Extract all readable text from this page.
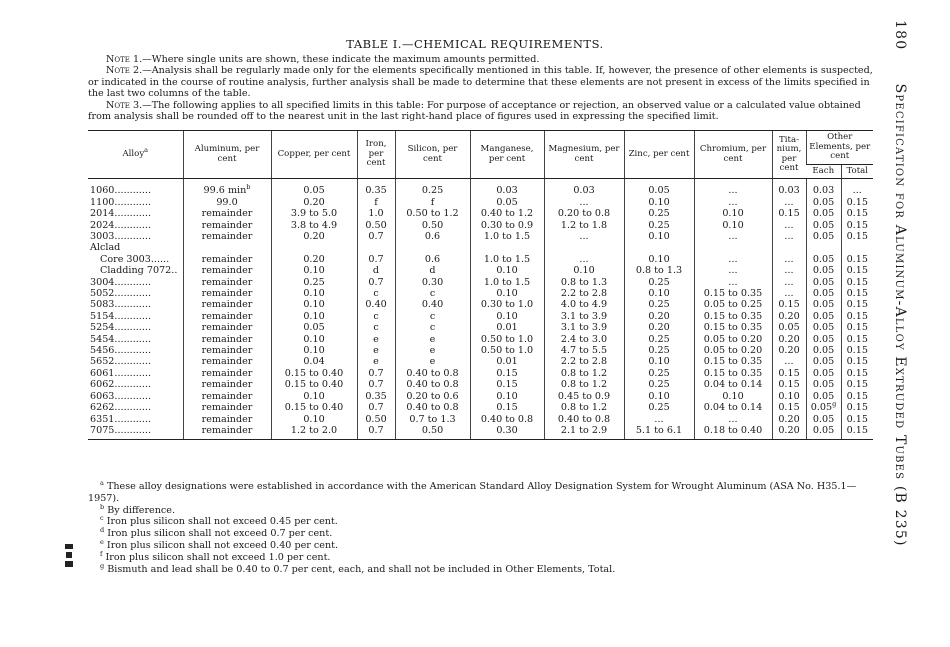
TABLE I.—CHEMICAL REQUIREMENTS.

Note 1.—Where single units are shown, these indicate the maximum amounts permitted.

Note 2.—Analysis shall be regularly made only for the elements specifically mentioned in this table. If, however, the presence of other elements is suspected, or indicated in the course of routine analysis, further analysis shall be made to determine that these elements are not present in excess of the limits specified in the last two columns of the table.

Note 3.—The following applies to all specified limits in this table: For purpose of acceptance or rejection, an observed value or a calculated value obtained from analysis shall be rounded off to the nearest unit in the last right-hand place of figures used in expressing the specified limit.

Alloy$^a$	Aluminum, per cent	Copper, per cent	Iron, per cent	Silicon, per cent	Manganese, per cent	Magnesium, per cent	Zinc, per cent	Chromium, per cent	Tita- nium, per cent	Other Elements, per cent	
										Each	Total
1060............	99.6 $\min^b$	0.05	0.35	0.25	0.03	0.03	0.05	...	0.03	0.03	...
1100............	99.0	0.20	f	f	0.05	...	0.10	...	...	0.05	0.15
2014............	remainder	3.9 to 5.0	1.0	0.50 to 1.2	0.40 to 1.2	0.20 to 0.8	0.25	0.10	0.15	0.05	0.15
2024............	remainder	3.8 to 4.9	0.50	0.50	0.30 to 0.9	1.2 to 1.8	0.25	0.10	...	0.05	0.15
3003............	remainder	0.20	0.7	0.6	1.0 to 1.5	...	0.10	...	...	0.05	0.15
Alclad											
Core 3003......	remainder	0.20	0.7	0.6	1.0 to 1.5	...	0.10	...	...	0.05	0.15
Cladding 7072..	remainder	0.10	d	d	0.10	0.10	0.8 to 1.3	...	...	0.05	0.15
3004............	remainder	0.25	0.7	0.30	1.0 to 1.5	0.8 to 1.3	0.25	...	...	0.05	0.15
5052............	remainder	0.10	c	c	0.10	2.2 to 2.8	0.10	0.15 to 0.35	...	0.05	0.15
5083............	remainder	0.10	0.40	0.40	0.30 to 1.0	4.0 to 4.9	0.25	0.05 to 0.25	0.15	0.05	0.15
5154............	remainder	0.10	c	c	0.10	3.1 to 3.9	0.20	0.15 to 0.35	0.20	0.05	0.15
5254............	remainder	0.05	c	c	0.01	3.1 to 3.9	0.20	0.15 to 0.35	0.05	0.05	0.15
5454............	remainder	0.10	e	e	0.50 to 1.0	2.4 to 3.0	0.25	0.05 to 0.20	0.20	0.05	0.15
5456............	remainder	0.10	e	e	0.50 to 1.0	4.7 to 5.5	0.25	0.05 to 0.20	0.20	0.05	0.15
5652............	remainder	0.04	e	e	0.01	2.2 to 2.8	0.10	0.15 to 0.35	...	0.05	0.15
6061............	remainder	0.15 to 0.40	0.7	0.40 to 0.8	0.15	0.8 to 1.2	0.25	0.15 to 0.35	0.15	0.05	0.15
6062............	remainder	0.15 to 0.40	0.7	0.40 to 0.8	0.15	0.8 to 1.2	0.25	0.04 to 0.14	0.15	0.05	0.15
6063............	remainder	0.10	0.35	0.20 to 0.6	0.10	0.45 to 0.9	0.10	0.10	0.10	0.05	0.15
6262............	remainder	0.15 to 0.40	0.7	0.40 to 0.8	0.15	0.8 to 1.2	0.25	0.04 to 0.14	0.15	0.05$^g$	0.15
6351............	remainder	0.10	0.50	0.7 to 1.3	0.40 to 0.8	0.40 to 0.8	...	...	0.20	0.05	0.15
7075............	remainder	1.2 to 2.0	0.7	0.50	0.30	2.1 to 2.9	5.1 to 6.1	0.18 to 0.40	0.20	0.05	0.15

$^a$ These alloy designations were established in accordance with the American Standard Alloy Designation System for Wrought Aluminum (ASA No. H35.1—1957).

$^b$ By difference.

$^c$ Iron plus silicon shall not exceed 0.45 per cent.

$^d$ Iron plus silicon shall not exceed 0.7 per cent.

$^e$ Iron plus silicon shall not exceed 0.40 per cent.

$^f$ Iron plus silicon shall not exceed 1.0 per cent.

$^g$ Bismuth and lead shall be 0.40 to 0.7 per cent, each, and shall not be included in Other Elements, Total.

180  Specification for Aluminum-Alloy Extruded Tubes (B 235)
